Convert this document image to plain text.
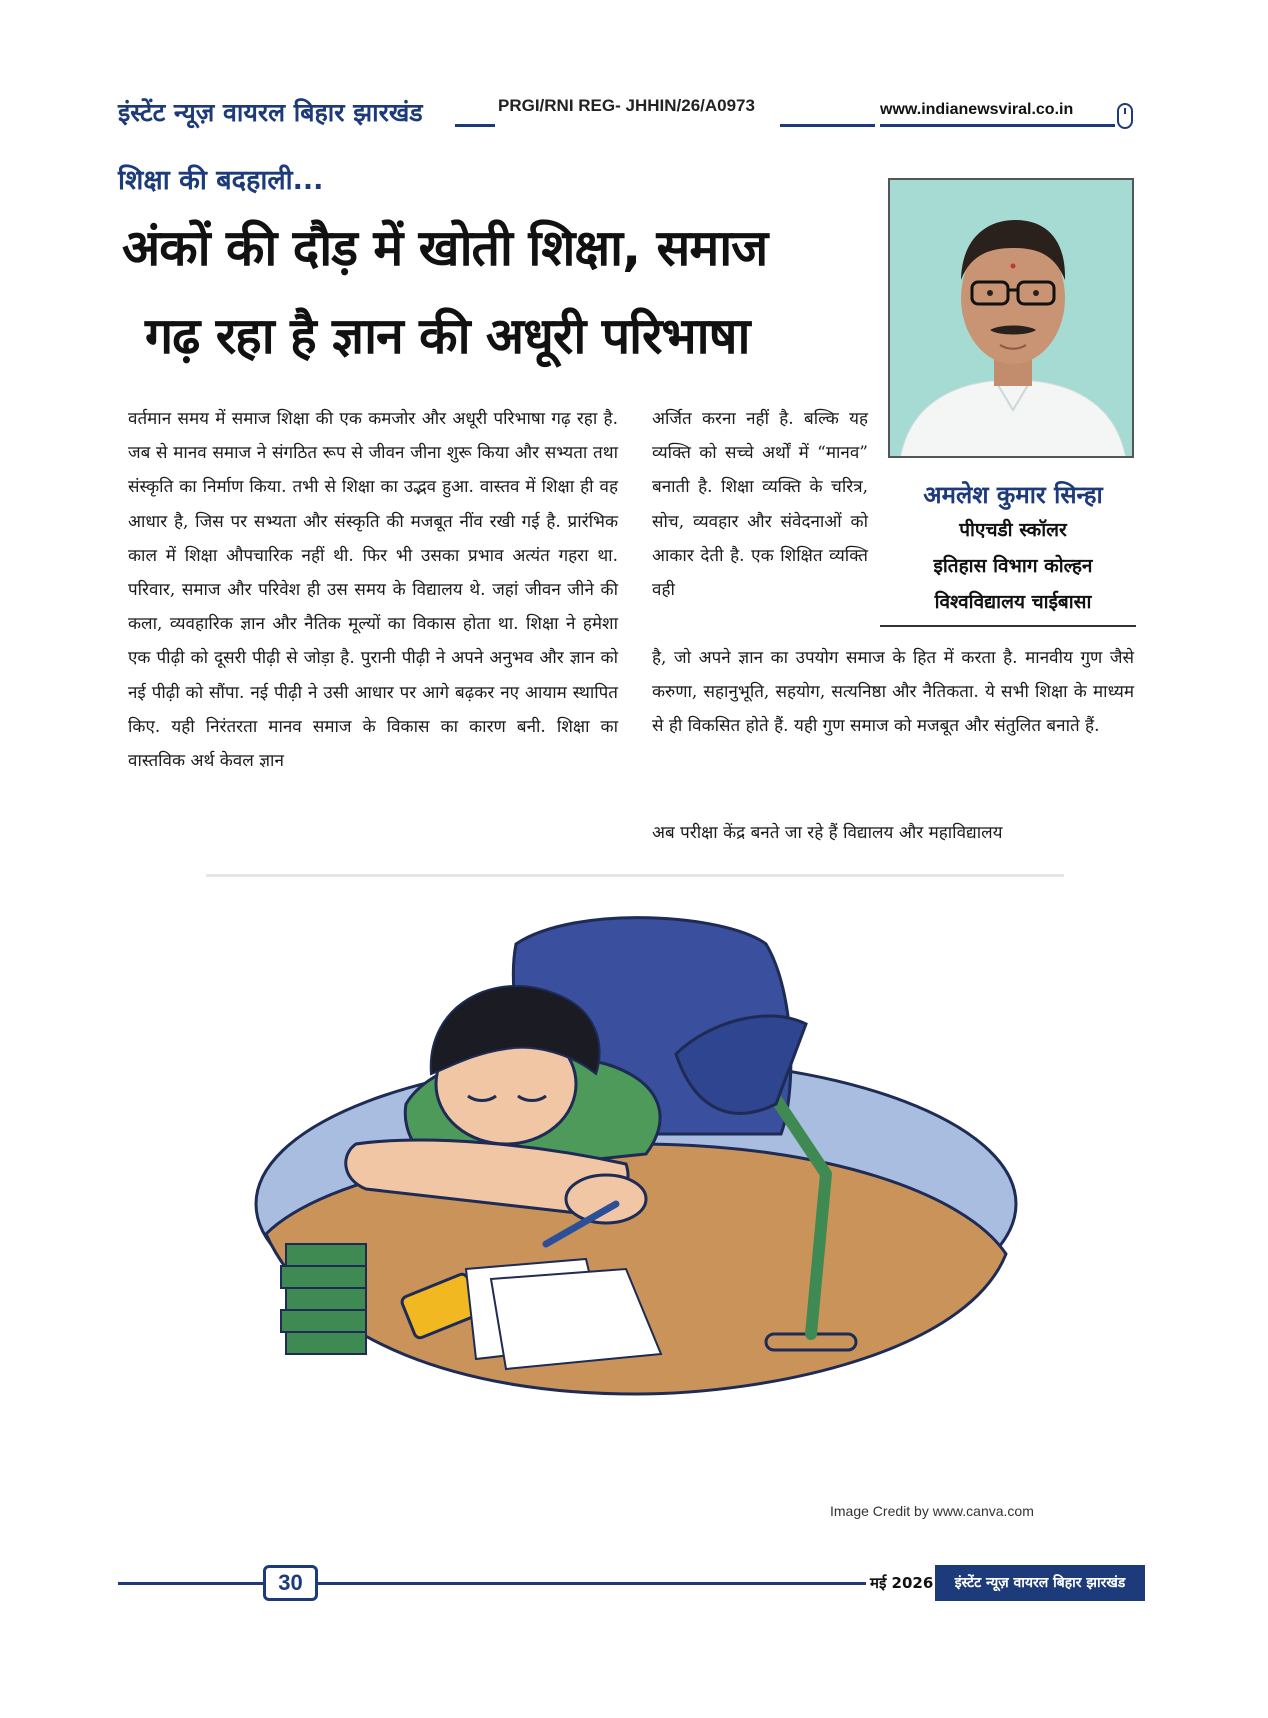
इंस्टेंट न्यूज़ वायरल बिहार झारखंड	PRGI/RNI REG- JHHIN/26/A0973	www.indianewsviral.co.in
शिक्षा की बदहाली...
अंकों की दौड़ में खोती शिक्षा, समाज
गढ़ रहा है ज्ञान की अधूरी परिभाषा
अमलेश कुमार सिन्हा
पीएचडी स्कॉलर
इतिहास विभाग कोल्हन
विश्वविद्यालय चाईबासा
वर्तमान समय में समाज शिक्षा की एक कमजोर और अधूरी परिभाषा गढ़ रहा है. जब से मानव समाज ने संगठित रूप से जीवन जीना शुरू किया और सभ्यता तथा संस्कृति का निर्माण किया. तभी से शिक्षा का उद्भव हुआ. वास्तव में शिक्षा ही वह आधार है, जिस पर सभ्यता और संस्कृति की मजबूत नींव रखी गई है. प्रारंभिक काल में शिक्षा औपचारिक नहीं थी. फिर भी उसका प्रभाव अत्यंत गहरा था. परिवार, समाज और परिवेश ही उस समय के विद्यालय थे. जहां जीवन जीने की कला, व्यवहारिक ज्ञान और नैतिक मूल्यों का विकास होता था. शिक्षा ने हमेशा एक पीढ़ी को दूसरी पीढ़ी से जोड़ा है. पुरानी पीढ़ी ने अपने अनुभव और ज्ञान को नई पीढ़ी को सौंपा. नई पीढ़ी ने उसी आधार पर आगे बढ़कर नए आयाम स्थापित किए. यही निरंतरता मानव समाज के विकास का कारण बनी. शिक्षा का वास्तविक अर्थ केवल ज्ञान
अर्जित करना नहीं है. बल्कि यह व्यक्ति को सच्चे अर्थों में “मानव” बनाती है. शिक्षा व्यक्ति के चरित्र, सोच, व्यवहार और संवेदनाओं को आकार देती है. एक शिक्षित व्यक्ति वही
है, जो अपने ज्ञान का उपयोग समाज के हित में करता है. मानवीय गुण जैसे करुणा, सहानुभूति, सहयोग, सत्यनिष्ठा और नैतिकता. ये सभी शिक्षा के माध्यम से ही विकसित होते हैं. यही गुण समाज को मजबूत और संतुलित बनाते हैं.
अब परीक्षा केंद्र बनते जा रहे हैं विद्यालय और महाविद्यालय
Image Credit by www.canva.com
30	मई 2026	इंस्टेंट न्यूज़ वायरल बिहार झारखंड
